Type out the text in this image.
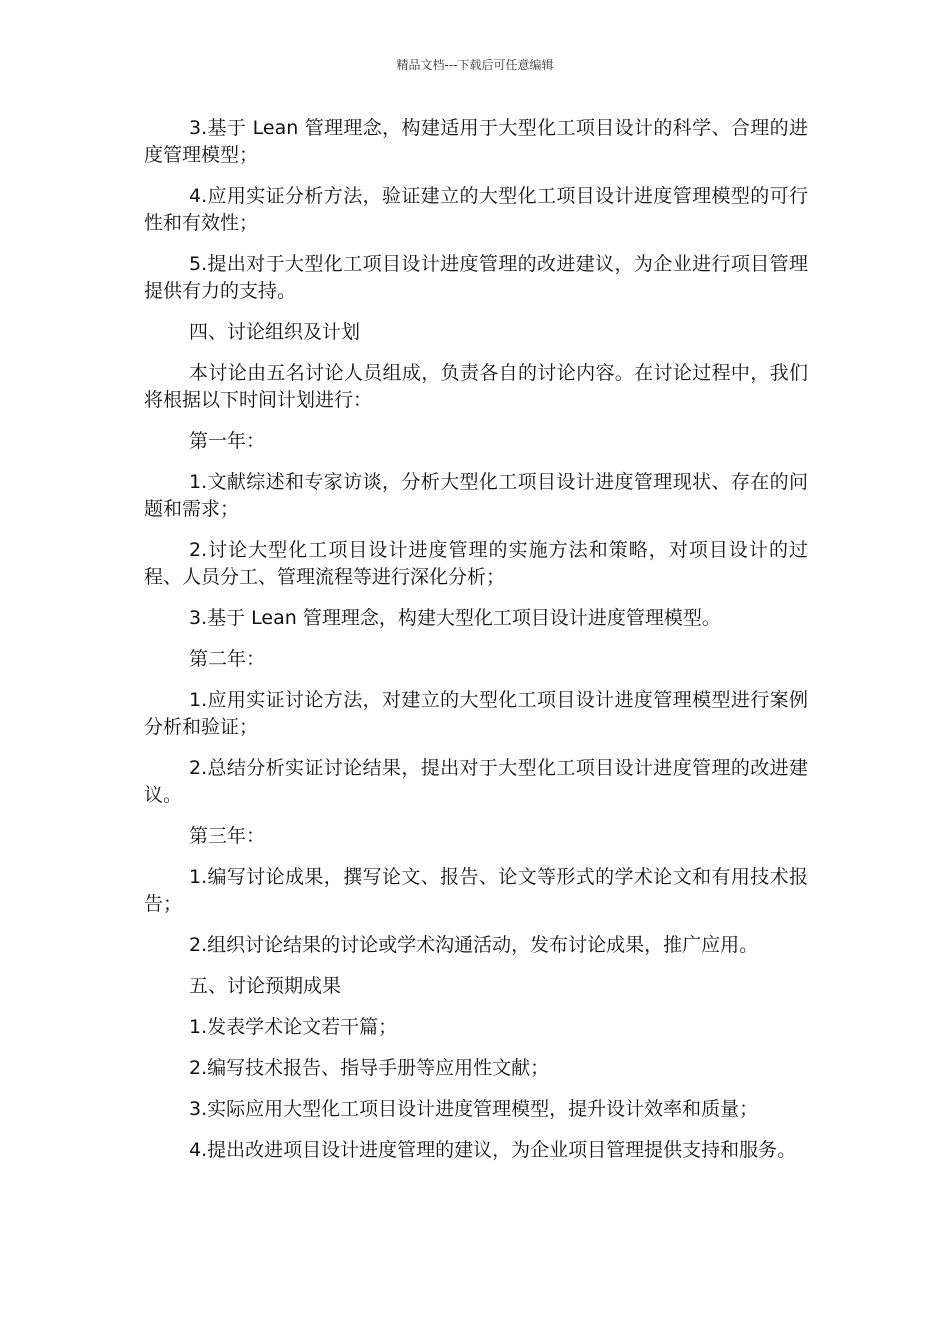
精品文档---下载后可任意编辑

3.基于 Lean 管理理念，构建适用于大型化工项目设计的科学、合理的进度管理模型；

4.应用实证分析方法，验证建立的大型化工项目设计进度管理模型的可行性和有效性；

5.提出对于大型化工项目设计进度管理的改进建议，为企业进行项目管理提供有力的支持。

四、讨论组织及计划

本讨论由五名讨论人员组成，负责各自的讨论内容。在讨论过程中，我们将根据以下时间计划进行：

第一年：

1.文献综述和专家访谈，分析大型化工项目设计进度管理现状、存在的问题和需求；

2.讨论大型化工项目设计进度管理的实施方法和策略，对项目设计的过程、人员分工、管理流程等进行深化分析；

3.基于 Lean 管理理念，构建大型化工项目设计进度管理模型。

第二年：

1.应用实证讨论方法，对建立的大型化工项目设计进度管理模型进行案例分析和验证；

2.总结分析实证讨论结果，提出对于大型化工项目设计进度管理的改进建议。

第三年：

1.编写讨论成果，撰写论文、报告、论文等形式的学术论文和有用技术报告；

2.组织讨论结果的讨论或学术沟通活动，发布讨论成果，推广应用。

五、讨论预期成果

1.发表学术论文若干篇；

2.编写技术报告、指导手册等应用性文献；

3.实际应用大型化工项目设计进度管理模型，提升设计效率和质量；

4.提出改进项目设计进度管理的建议，为企业项目管理提供支持和服务。
